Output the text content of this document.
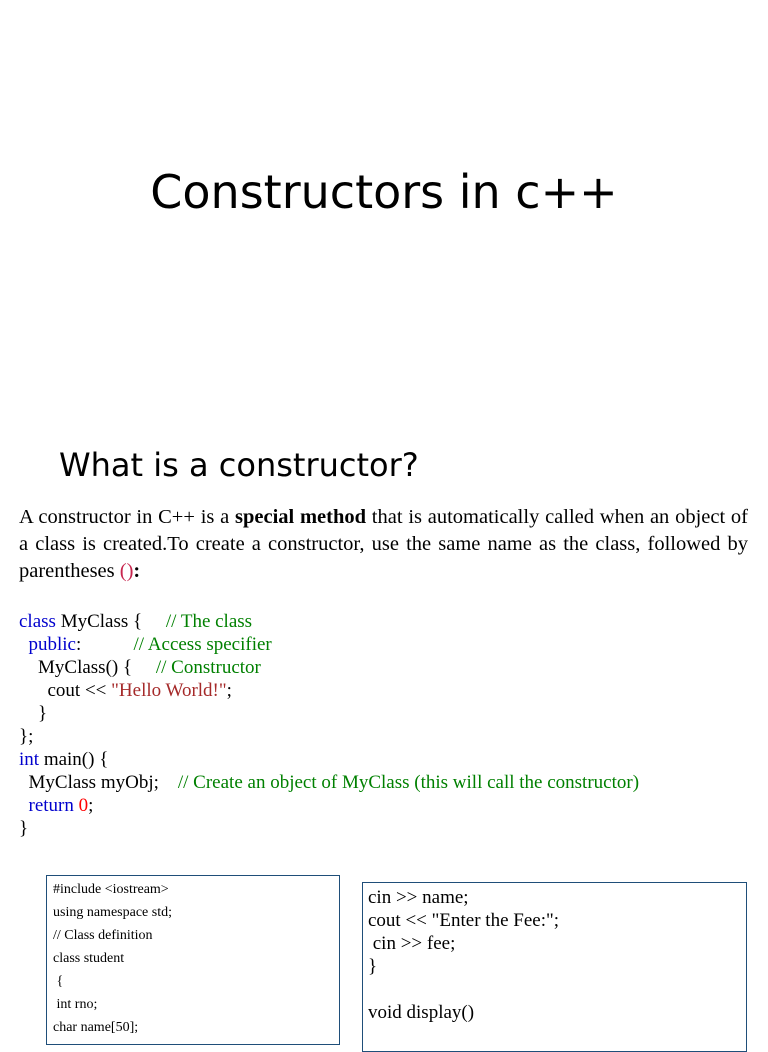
Constructors in c++
What is a constructor?

A constructor in C++ is a special method that is automatically called when an object of a class is created.To create a constructor, use the same name as the class, followed by parentheses ():

class MyClass {     // The class
public:           // Access specifier
MyClass() {     // Constructor
cout << "Hello World!";
}
};
int main() {
MyClass myObj;    // Create an object of MyClass (this will call the constructor)
return 0;
}
#include <iostream>
using namespace std;
// Class definition
class student
{
int rno;
char name[50];
cin >> name;
cout << "Enter the Fee:";
cin >> fee;
}
void display()
